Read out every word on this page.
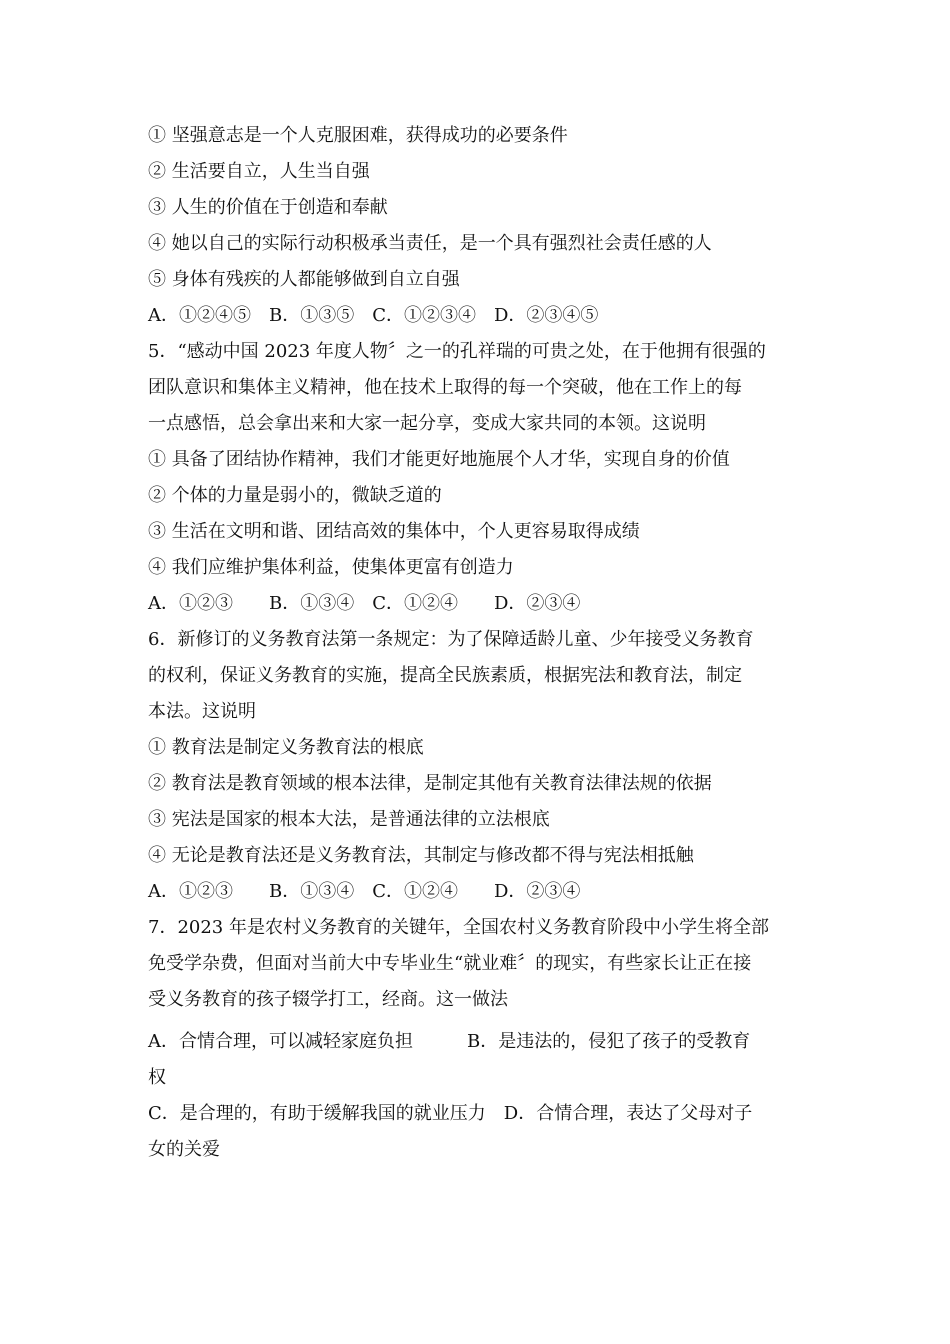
① 坚强意志是一个人克服困难，获得成功的必要条件
② 生活要自立，人生当自强
③ 人生的价值在于创造和奉献
④ 她以自己的实际行动积极承当责任，是一个具有强烈社会责任感的人
⑤ 身体有残疾的人都能够做到自立自强
A．①②④⑤　B．①③⑤　C．①②③④　D．②③④⑤
5．“感动中国 2023 年度人物〞之一的孔祥瑞的可贵之处，在于他拥有很强的
团队意识和集体主义精神，他在技术上取得的每一个突破，他在工作上的每
一点感悟，总会拿出来和大家一起分享，变成大家共同的本领。这说明
① 具备了团结协作精神，我们才能更好地施展个人才华，实现自身的价值
② 个体的力量是弱小的，微缺乏道的
③ 生活在文明和谐、团结高效的集体中，个人更容易取得成绩
④ 我们应维护集体利益，使集体更富有创造力
A．①②③　　B．①③④　C．①②④　　D．②③④
6．新修订的义务教育法第一条规定：为了保障适龄儿童、少年接受义务教育
的权利，保证义务教育的实施，提高全民族素质，根据宪法和教育法，制定
本法。这说明
① 教育法是制定义务教育法的根底
② 教育法是教育领域的根本法律，是制定其他有关教育法律法规的依据
③ 宪法是国家的根本大法，是普通法律的立法根底
④ 无论是教育法还是义务教育法，其制定与修改都不得与宪法相抵触
A．①②③　　B．①③④　C．①②④　　D．②③④
7．2023 年是农村义务教育的关键年，全国农村义务教育阶段中小学生将全部
免受学杂费，但面对当前大中专毕业生“就业难〞的现实，有些家长让正在接
受义务教育的孩子辍学打工，经商。这一做法
A．合情合理，可以减轻家庭负担　　　B．是违法的，侵犯了孩子的受教育
权
C．是合理的，有助于缓解我国的就业压力　D．合情合理，表达了父母对子
女的关爱
